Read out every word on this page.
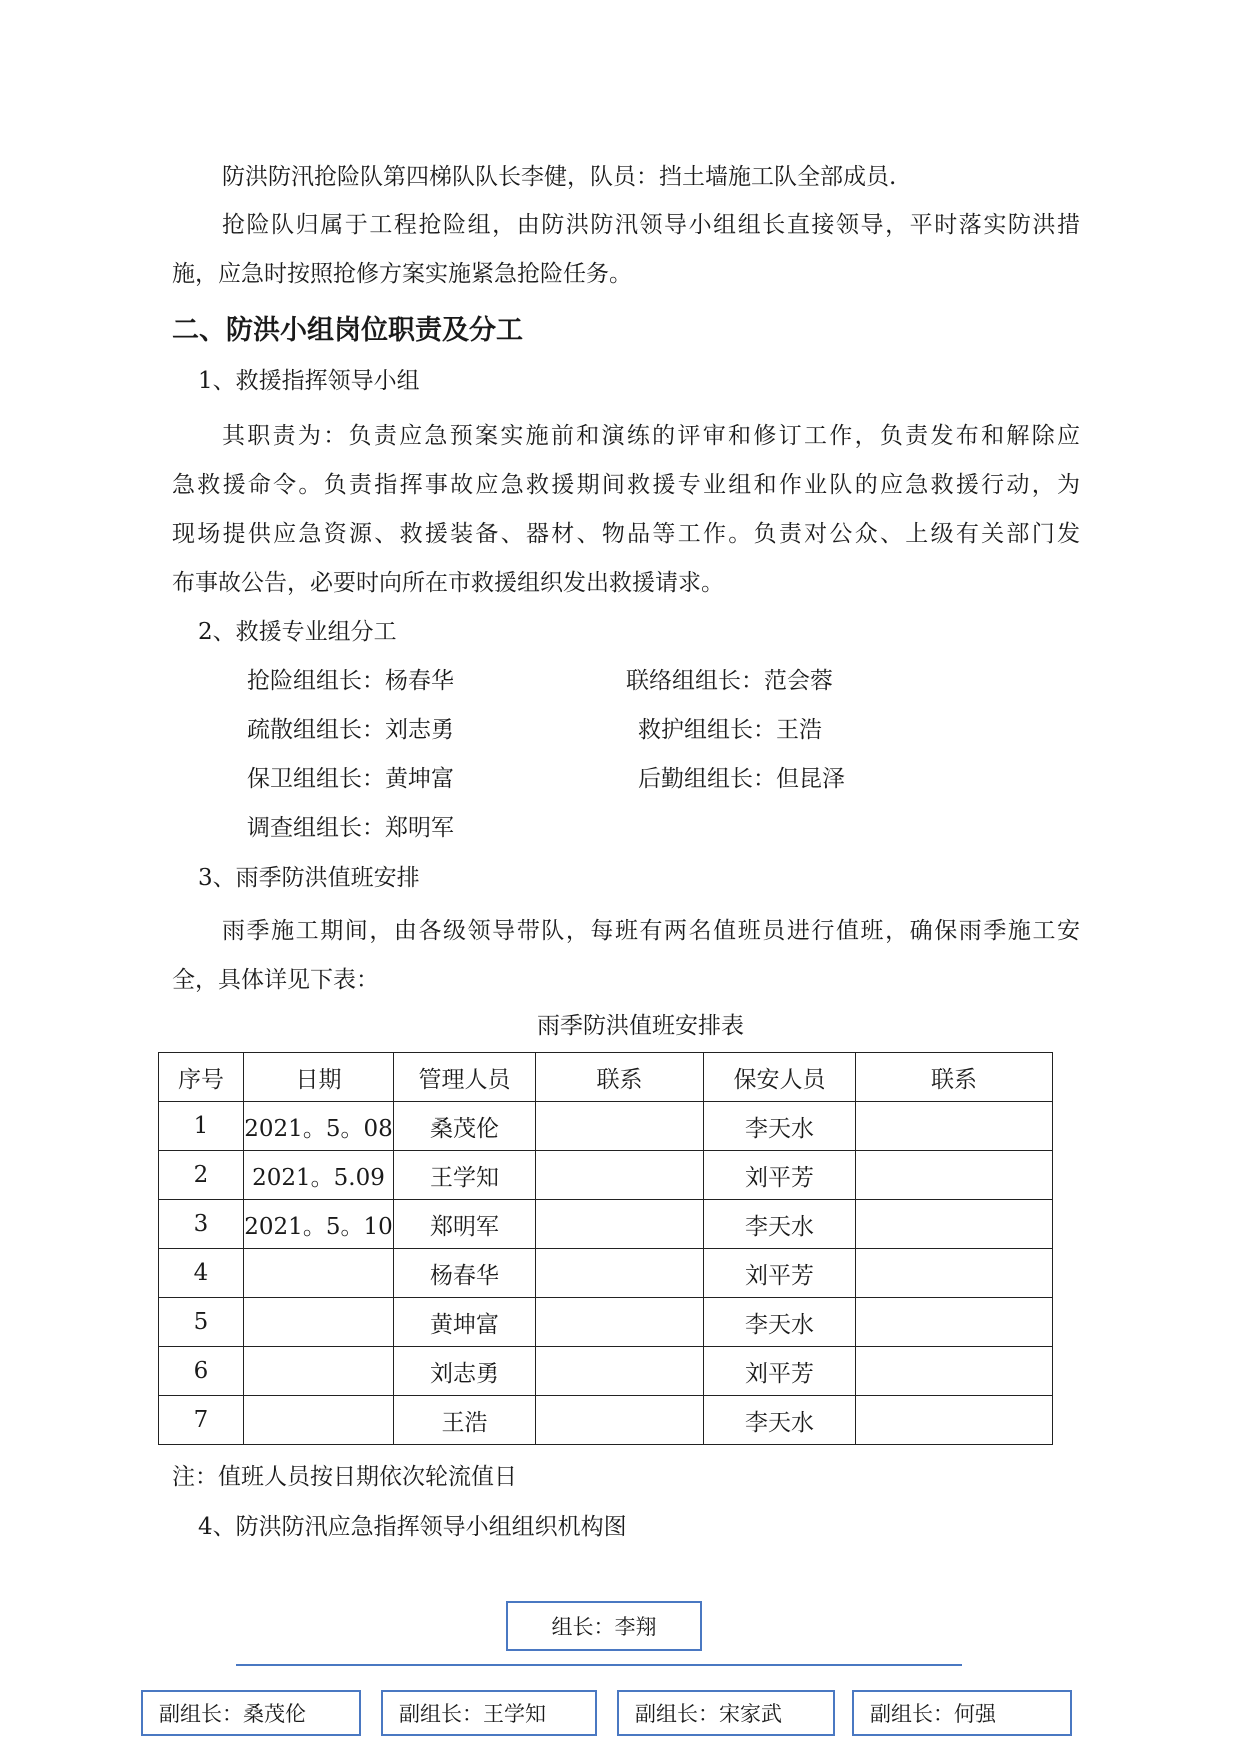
防洪防汛抢险队第四梯队队长李健，队员：挡土墙施工队全部成员.
抢险队归属于工程抢险组，由防洪防汛领导小组组长直接领导，平时落实防洪措
施，应急时按照抢修方案实施紧急抢险任务。
二、防洪小组岗位职责及分工
1、救援指挥领导小组
其职责为：负责应急预案实施前和演练的评审和修订工作，负责发布和解除应
急救援命令。负责指挥事故应急救援期间救援专业组和作业队的应急救援行动，为
现场提供应急资源、救援装备、器材、物品等工作。负责对公众、上级有关部门发
布事故公告，必要时向所在市救援组织发出救援请求。
2、救援专业组分工
抢险组组长：杨春华	联络组组长：范会蓉
疏散组组长：刘志勇	救护组组长：王浩
保卫组组长：黄坤富	后勤组组长：但昆泽
调查组组长：郑明军
3、雨季防洪值班安排
雨季施工期间，由各级领导带队，每班有两名值班员进行值班，确保雨季施工安
全，具体详见下表：
雨季防洪值班安排表
序号	日期	管理人员	联系	保安人员	联系
1	2021。5。08	桑茂伦		李天水	
2	2021。5.09	王学知		刘平芳	
3	2021。5。10	郑明军		李天水	
4		杨春华		刘平芳	
5		黄坤富		李天水	
6		刘志勇		刘平芳	
7		王浩		李天水	
注：值班人员按日期依次轮流值日
4、防洪防汛应急指挥领导小组组织机构图
组长：李翔
副组长：桑茂伦	副组长：王学知	副组长：宋家武	副组长：何强
